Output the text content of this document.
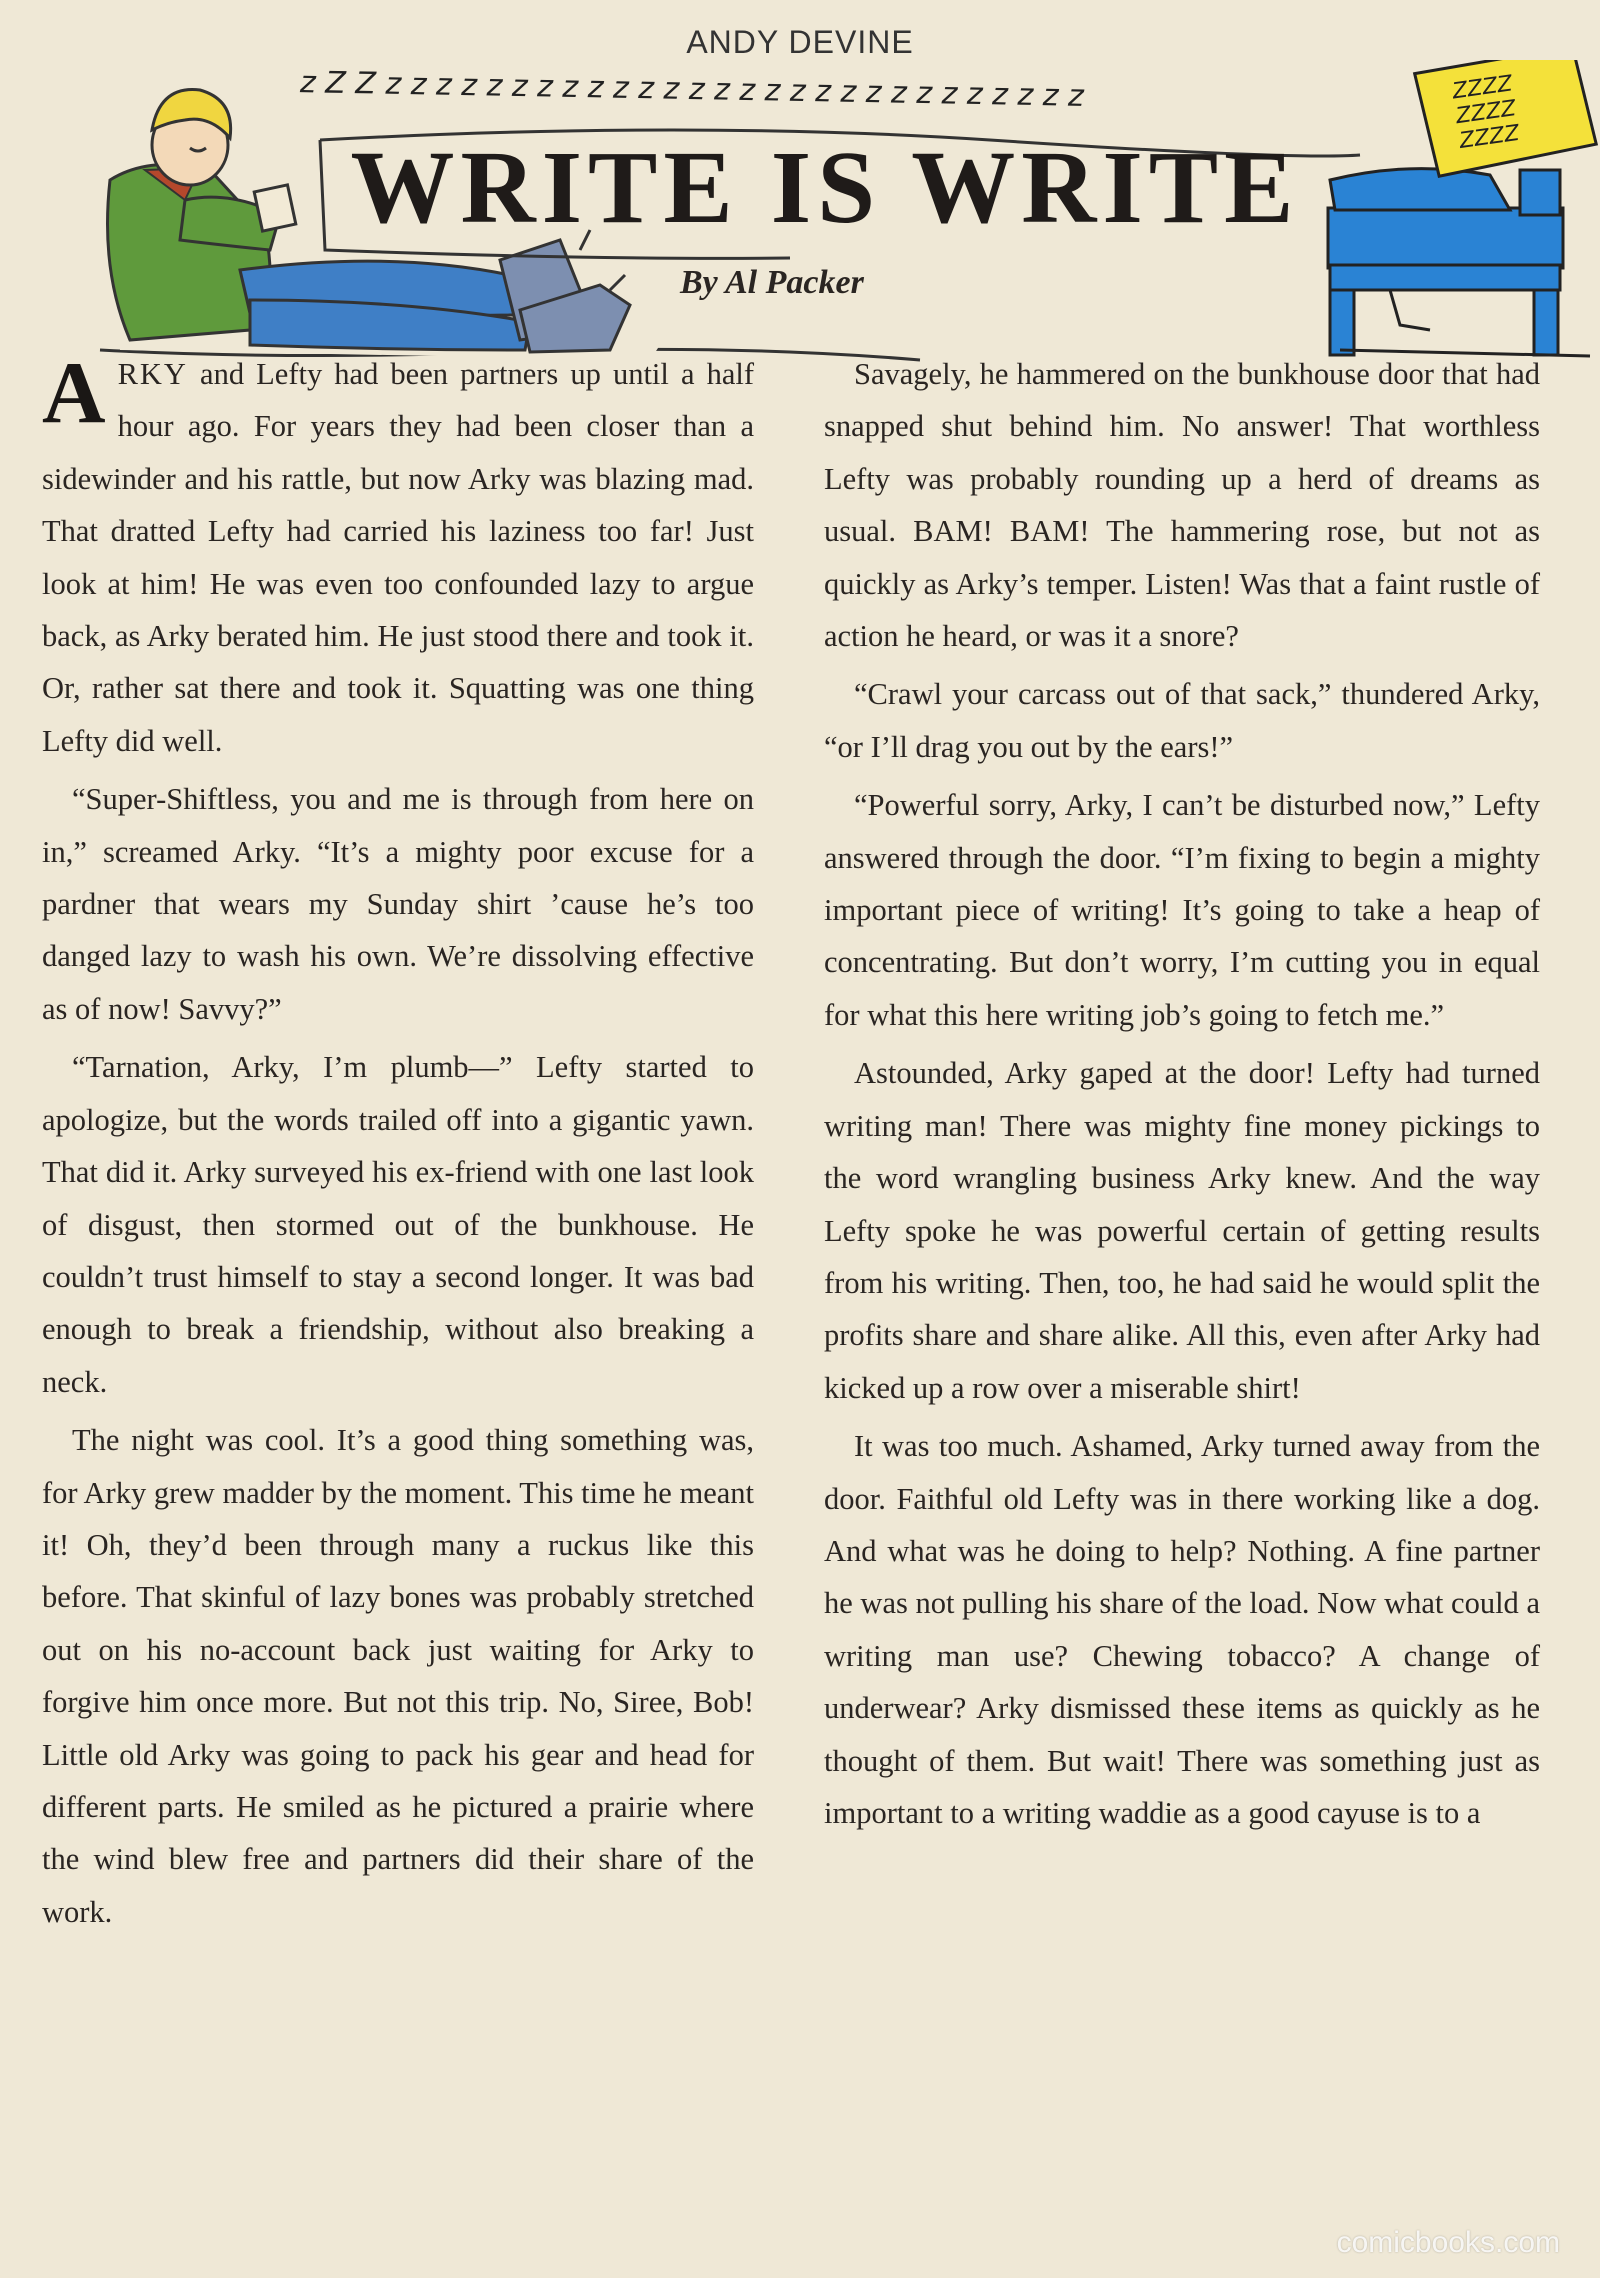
ANDY DEVINE
ZZZZ
ZZZZ
ZZZZ
z Z Z z z z z z z z z z z z z z z z z z z z z z z z z z z z z
WRITE IS WRITE
By Al Packer

ARKY and Lefty had been partners up until a half hour ago. For years they had been closer than a sidewinder and his rattle, but now Arky was blazing mad. That dratted Lefty had carried his laziness too far! Just look at him! He was even too confounded lazy to argue back, as Arky berated him. He just stood there and took it. Or, rather sat there and took it. Squatting was one thing Lefty did well.

“Super-Shiftless, you and me is through from here on in,” screamed Arky. “It’s a mighty poor excuse for a pardner that wears my Sunday shirt ’cause he’s too danged lazy to wash his own. We’re dissolving effective as of now! Savvy?”

“Tarnation, Arky, I’m plumb—” Lefty started to apologize, but the words trailed off into a gigantic yawn. That did it. Arky surveyed his ex-friend with one last look of disgust, then stormed out of the bunkhouse. He couldn’t trust himself to stay a second longer. It was bad enough to break a friendship, without also breaking a neck.

The night was cool. It’s a good thing something was, for Arky grew madder by the moment. This time he meant it! Oh, they’d been through many a ruckus like this before. That skinful of lazy bones was probably stretched out on his no-account back just waiting for Arky to forgive him once more. But not this trip. No, Siree, Bob! Little old Arky was going to pack his gear and head for different parts. He smiled as he pictured a prairie where the wind blew free and partners did their share of the work.

Savagely, he hammered on the bunkhouse door that had snapped shut behind him. No answer! That worthless Lefty was probably rounding up a herd of dreams as usual. BAM! BAM! The hammering rose, but not as quickly as Arky’s temper. Listen! Was that a faint rustle of action he heard, or was it a snore?

“Crawl your carcass out of that sack,” thundered Arky, “or I’ll drag you out by the ears!”

“Powerful sorry, Arky, I can’t be disturbed now,” Lefty answered through the door. “I’m fixing to begin a mighty important piece of writing! It’s going to take a heap of concentrating. But don’t worry, I’m cutting you in equal for what this here writing job’s going to fetch me.”

Astounded, Arky gaped at the door! Lefty had turned writing man! There was mighty fine money pickings to the word wrangling business Arky knew. And the way Lefty spoke he was powerful certain of getting results from his writing. Then, too, he had said he would split the profits share and share alike. All this, even after Arky had kicked up a row over a miserable shirt!

It was too much. Ashamed, Arky turned away from the door. Faithful old Lefty was in there working like a dog. And what was he doing to help? Nothing. A fine partner he was not pulling his share of the load. Now what could a writing man use? Chewing tobacco? A change of underwear? Arky dismissed these items as quickly as he thought of them. But wait! There was something just as important to a writing waddie as a good cayuse is to a

comicbooks.com
